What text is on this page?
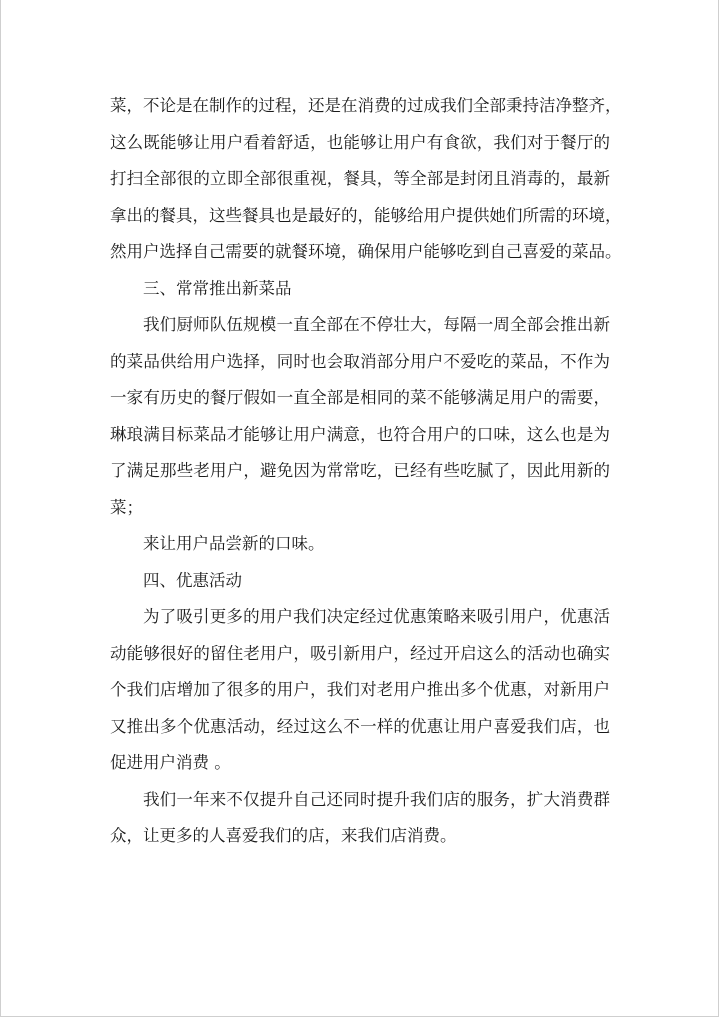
菜，不论是在制作的过程，还是在消费的过成我们全部秉持洁净整齐，
这么既能够让用户看着舒适，也能够让用户有食欲，我们对于餐厅的
打扫全部很的立即全部很重视，餐具，等全部是封闭且消毒的，最新
拿出的餐具，这些餐具也是最好的，能够给用户提供她们所需的环境，
然用户选择自己需要的就餐环境，确保用户能够吃到自己喜爱的菜品。
三、常常推出新菜品
我们厨师队伍规模一直全部在不停壮大，每隔一周全部会推出新
的菜品供给用户选择，同时也会取消部分用户不爱吃的菜品，不作为
一家有历史的餐厅假如一直全部是相同的菜不能够满足用户的需要，
琳琅满目标菜品才能够让用户满意，也符合用户的口味，这么也是为
了满足那些老用户，避免因为常常吃，已经有些吃腻了，因此用新的
菜；
来让用户品尝新的口味。
四、优惠活动
为了吸引更多的用户我们决定经过优惠策略来吸引用户，优惠活
动能够很好的留住老用户，吸引新用户，经过开启这么的活动也确实
个我们店增加了很多的用户，我们对老用户推出多个优惠，对新用户
又推出多个优惠活动，经过这么不一样的优惠让用户喜爱我们店，也
促进用户消费 。
我们一年来不仅提升自己还同时提升我们店的服务，扩大消费群
众，让更多的人喜爱我们的店，来我们店消费。
